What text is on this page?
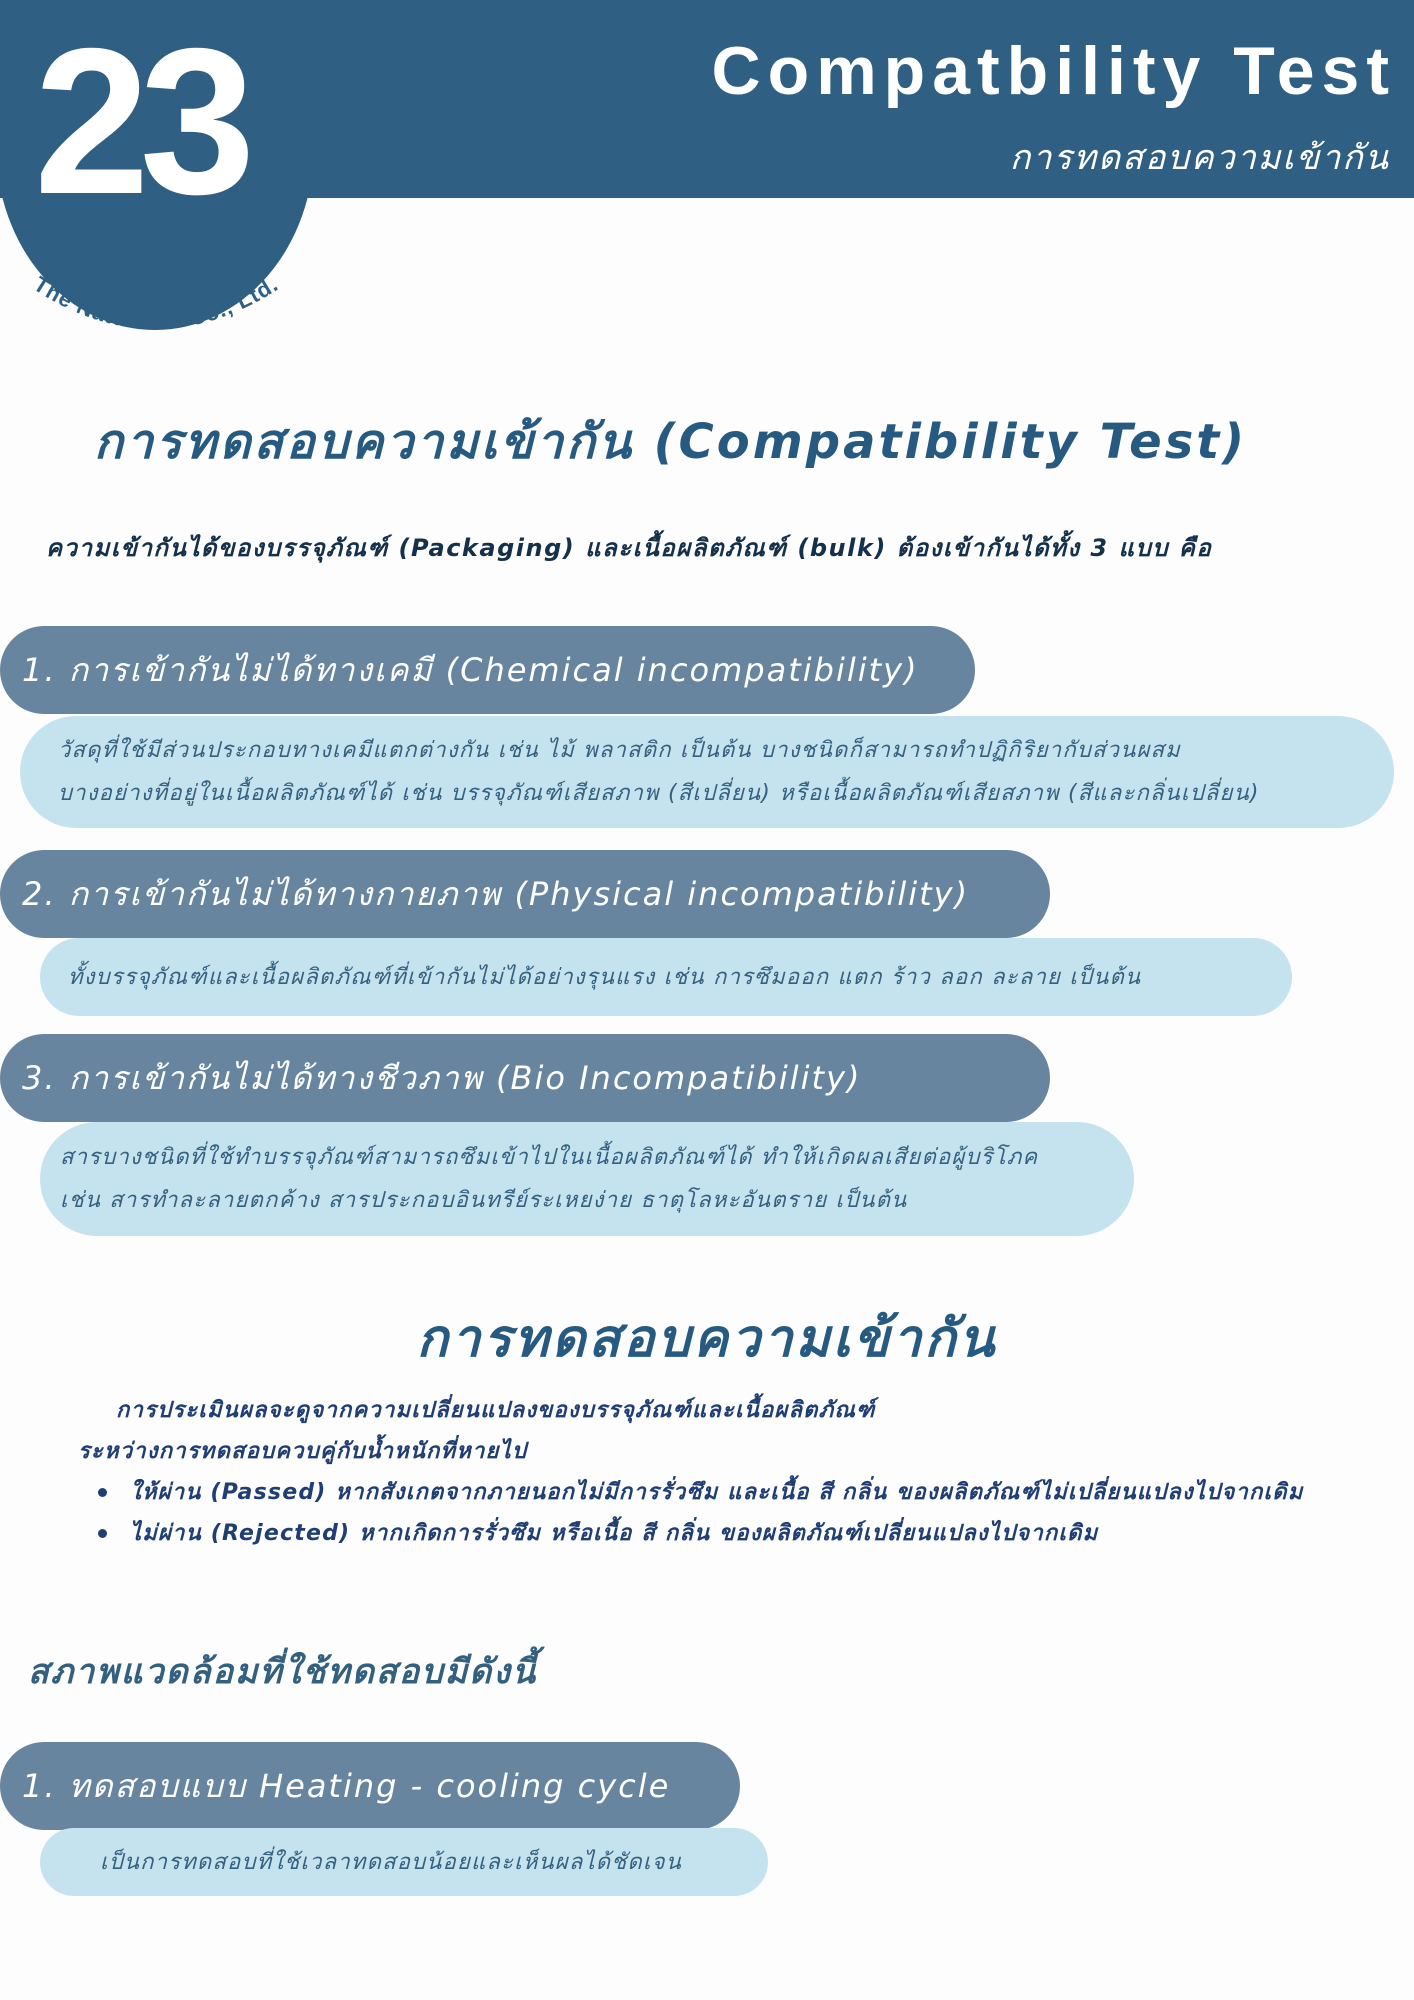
23	Compatbility Test
การทดสอบความเข้ากัน
The Naturalist Co., Ltd.
การทดสอบความเข้ากัน (Compatibility Test)
ความเข้ากันได้ของบรรจุภัณฑ์ (Packaging) และเนื้อผลิตภัณฑ์ (bulk) ต้องเข้ากันได้ทั้ง 3 แบบ คือ
1. การเข้ากันไม่ได้ทางเคมี (Chemical incompatibility)
วัสดุที่ใช้มีส่วนประกอบทางเคมีแตกต่างกัน เช่น ไม้ พลาสติก เป็นต้น บางชนิดก็สามารถทำปฏิกิริยากับส่วนผสม
บางอย่างที่อยู่ในเนื้อผลิตภัณฑ์ได้ เช่น บรรจุภัณฑ์เสียสภาพ (สีเปลี่ยน) หรือเนื้อผลิตภัณฑ์เสียสภาพ (สีและกลิ่นเปลี่ยน)
2. การเข้ากันไม่ได้ทางกายภาพ (Physical incompatibility)
ทั้งบรรจุภัณฑ์และเนื้อผลิตภัณฑ์ที่เข้ากันไม่ได้อย่างรุนแรง เช่น การซึมออก แตก ร้าว ลอก ละลาย เป็นต้น
3. การเข้ากันไม่ได้ทางชีวภาพ (Bio Incompatibility)
สารบางชนิดที่ใช้ทำบรรจุภัณฑ์สามารถซึมเข้าไปในเนื้อผลิตภัณฑ์ได้ ทำให้เกิดผลเสียต่อผู้บริโภค
เช่น สารทำละลายตกค้าง สารประกอบอินทรีย์ระเหยง่าย ธาตุโลหะอันตราย เป็นต้น
การทดสอบความเข้ากัน
การประเมินผลจะดูจากความเปลี่ยนแปลงของบรรจุภัณฑ์และเนื้อผลิตภัณฑ์
ระหว่างการทดสอบควบคู่กับน้ำหนักที่หายไป
ให้ผ่าน (Passed) หากสังเกตจากภายนอกไม่มีการรั่วซึม และเนื้อ สี กลิ่น ของผลิตภัณฑ์ไม่เปลี่ยนแปลงไปจากเดิม
ไม่ผ่าน (Rejected) หากเกิดการรั่วซึม หรือเนื้อ สี กลิ่น ของผลิตภัณฑ์เปลี่ยนแปลงไปจากเดิม
สภาพแวดล้อมที่ใช้ทดสอบมีดังนี้
1. ทดสอบแบบ Heating - cooling cycle
เป็นการทดสอบที่ใช้เวลาทดสอบน้อยและเห็นผลได้ชัดเจน
